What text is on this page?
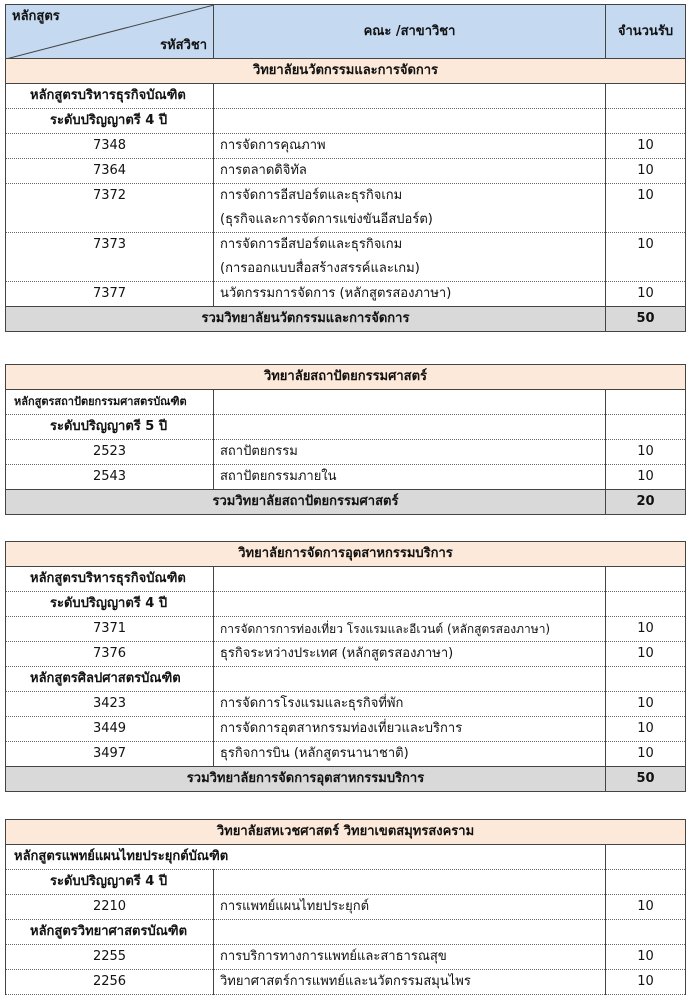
หลักสูตร
รหัสวิชา	คณะ /สาขาวิชา	จำนวนรับ
วิทยาลัยนวัตกรรมและการจัดการ		
หลักสูตรบริหารธุรกิจบัณฑิต		
ระดับปริญญาตรี 4 ปี		
7348	การจัดการคุณภาพ	10
7364	การตลาดดิจิทัล	10
7372	การจัดการอีสปอร์ตและธุรกิจเกม
(ธุรกิจและการจัดการแข่งขันอีสปอร์ต)	10
7373	การจัดการอีสปอร์ตและธุรกิจเกม
(การออกแบบสื่อสร้างสรรค์และเกม)	10
7377	นวัตกรรมการจัดการ (หลักสูตรสองภาษา)	10
รวมวิทยาลัยนวัตกรรมและการจัดการ		50
วิทยาลัยสถาปัตยกรรมศาสตร์		
หลักสูตรสถาปัตยกรรมศาสตรบัณฑิต		
ระดับปริญญาตรี 5 ปี		
2523	สถาปัตยกรรม	10
2543	สถาปัตยกรรมภายใน	10
รวมวิทยาลัยสถาปัตยกรรมศาสตร์		20
วิทยาลัยการจัดการอุตสาหกรรมบริการ		
หลักสูตรบริหารธุรกิจบัณฑิต		
ระดับปริญญาตรี 4 ปี		
7371	การจัดการการท่องเที่ยว โรงแรมและอีเวนต์ (หลักสูตรสองภาษา)	10
7376	ธุรกิจระหว่างประเทศ (หลักสูตรสองภาษา)	10
หลักสูตรศิลปศาสตรบัณฑิต		
3423	การจัดการโรงแรมและธุรกิจที่พัก	10
3449	การจัดการอุตสาหกรรมท่องเที่ยวและบริการ	10
3497	ธุรกิจการบิน (หลักสูตรนานาชาติ)	10
รวมวิทยาลัยการจัดการอุตสาหกรรมบริการ		50
วิทยาลัยสหเวชศาสตร์ วิทยาเขตสมุทรสงคราม		
หลักสูตรแพทย์แผนไทยประยุกต์บัณฑิต		
ระดับปริญญาตรี 4 ปี		
2210	การแพทย์แผนไทยประยุกต์	10
หลักสูตรวิทยาศาสตรบัณฑิต		
2255	การบริการทางการแพทย์และสาธารณสุข	10
2256	วิทยาศาสตร์การแพทย์และนวัตกรรมสมุนไพร	10
